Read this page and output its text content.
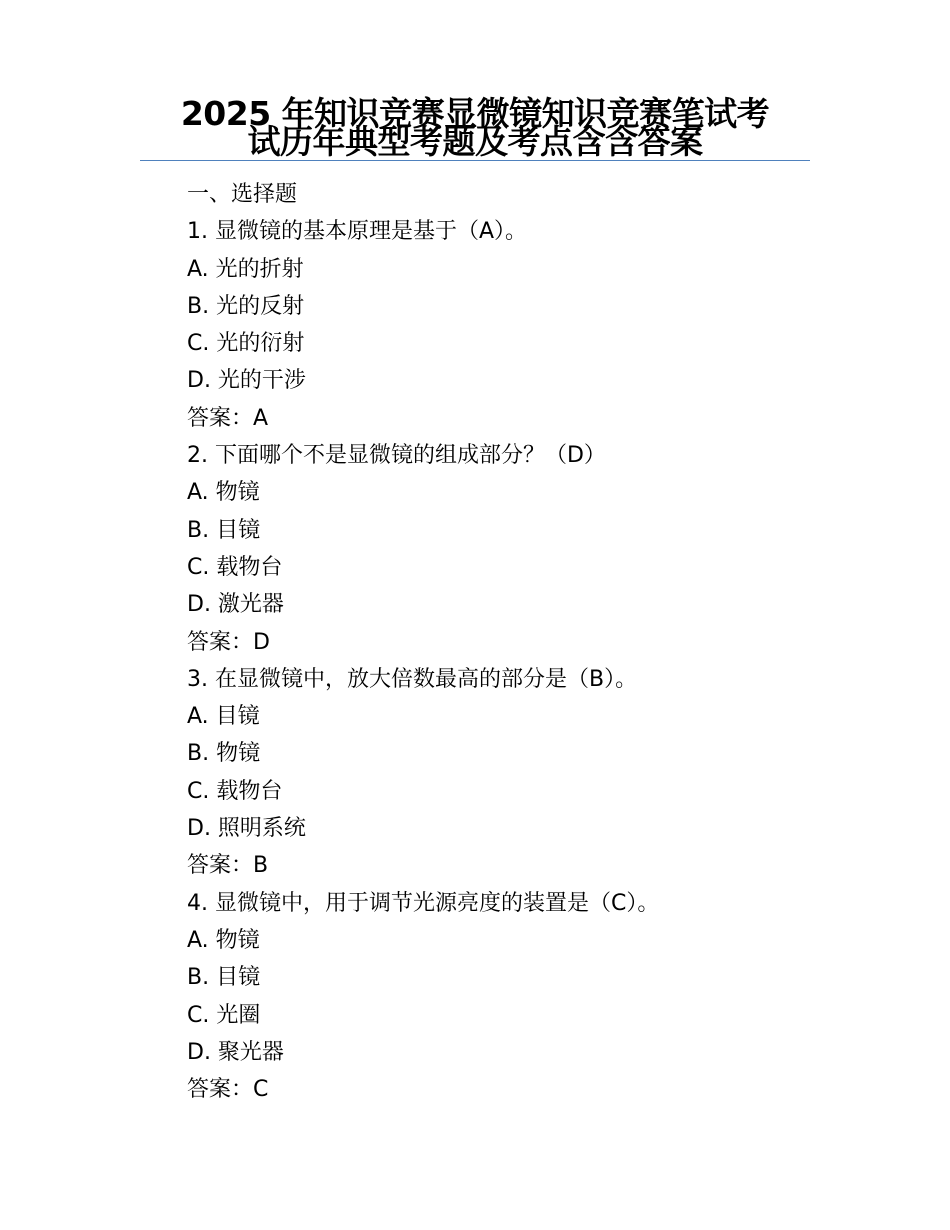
2025 年知识竞赛显微镜知识竞赛笔试考
试历年典型考题及考点含含答案
一、选择题
1. 显微镜的基本原理是基于（A）。
A. 光的折射
B. 光的反射
C. 光的衍射
D. 光的干涉
答案：A
2. 下面哪个不是显微镜的组成部分？（D）
A. 物镜
B. 目镜
C. 载物台
D. 激光器
答案：D
3. 在显微镜中，放大倍数最高的部分是（B）。
A. 目镜
B. 物镜
C. 载物台
D. 照明系统
答案：B
4. 显微镜中，用于调节光源亮度的装置是（C）。
A. 物镜
B. 目镜
C. 光圈
D. 聚光器
答案：C
